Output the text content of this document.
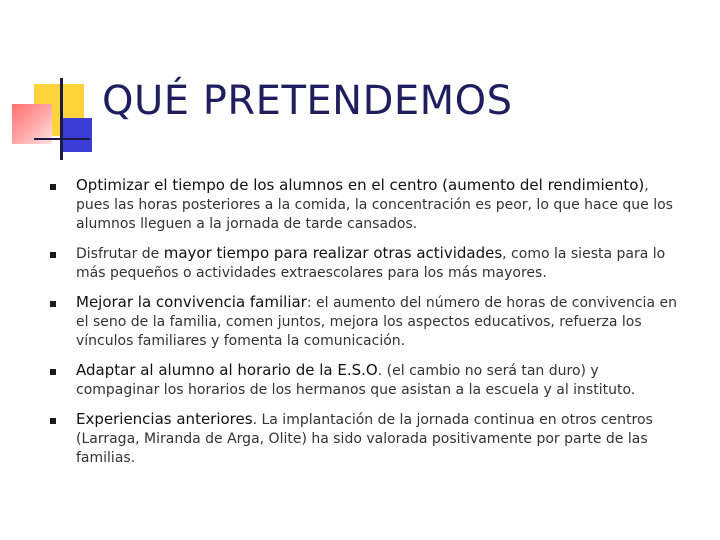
QUÉ PRETENDEMOS
Optimizar el tiempo de los alumnos en el centro (aumento del rendimiento), pues las horas posteriores a la comida, la concentración es peor, lo que hace que los alumnos lleguen a la jornada de tarde cansados.
Disfrutar de mayor tiempo para realizar otras actividades, como la siesta para lo más pequeños o actividades extraescolares para los más mayores.
Mejorar la convivencia familiar: el aumento del número de horas de convivencia en el seno de la familia, comen juntos, mejora los aspectos educativos, refuerza los vínculos familiares y fomenta la comunicación.
Adaptar al alumno al horario de la E.S.O. (el cambio no será tan duro) y compaginar los horarios de los hermanos que asistan a la escuela y al instituto.
Experiencias anteriores. La implantación de la jornada continua en otros centros (Larraga, Miranda de Arga, Olite) ha sido valorada positivamente por parte de las familias.
